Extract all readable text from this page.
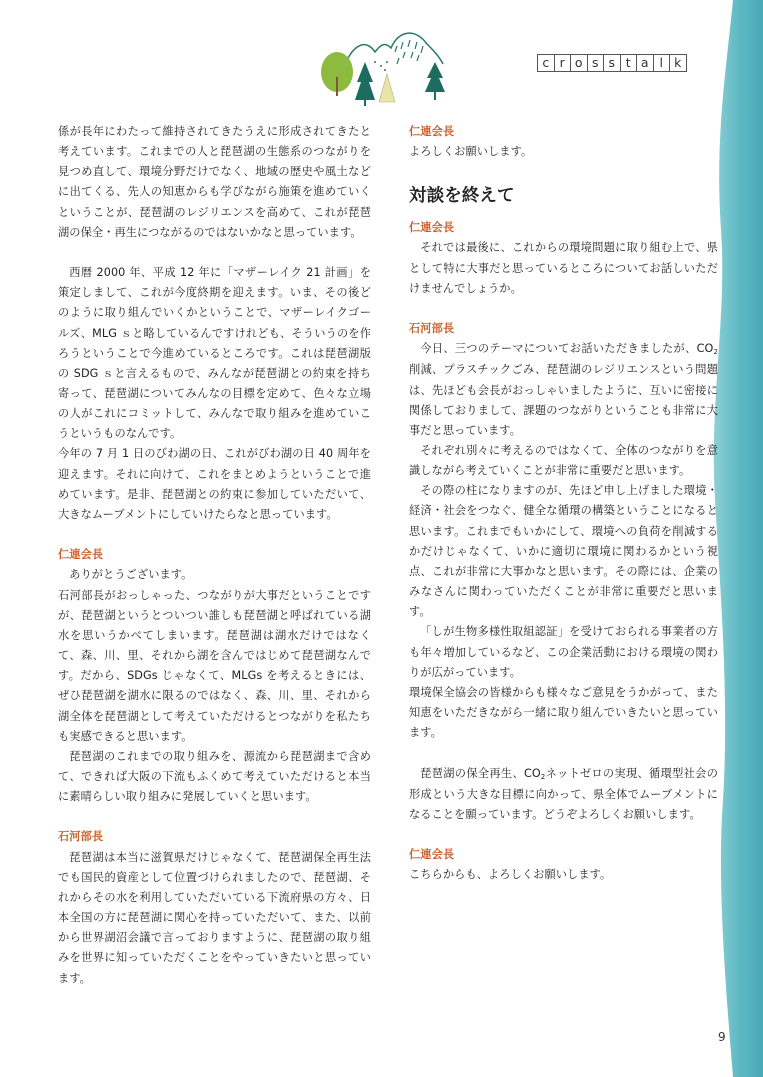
c r o s s t a l k

係が長年にわたって維持されてきたうえに形成されてきたと考えています。これまでの人と琵琶湖の生態系のつながりを見つめ直して、環境分野だけでなく、地域の歴史や風土などに出てくる、先人の知恵からも学びながら施策を進めていくということが、琵琶湖のレジリエンスを高めて、これが琵琶湖の保全・再生につながるのではないかなと思っています。

西暦 2000 年、平成 12 年に「マザーレイク 21 計画」を策定しまして、これが今度終期を迎えます。いま、その後どのように取り組んでいくかということで、マザーレイクゴールズ、MLG ｓと略しているんですけれども、そういうのを作ろうということで今進めているところです。これは琵琶湖版の SDG ｓと言えるもので、みんなが琵琶湖との約束を持ち寄って、琵琶湖についてみんなの目標を定めて、色々な立場の人がこれにコミットして、みんなで取り組みを進めていこうというものなんです。

今年の 7 月 1 日のびわ湖の日、これがびわ湖の日 40 周年を迎えます。それに向けて、これをまとめようということで進めています。是非、琵琶湖との約束に参加していただいて、大きなムーブメントにしていけたらなと思っています。

仁連会長

ありがとうございます。

石河部長がおっしゃった、つながりが大事だということですが、琵琶湖というとついつい誰しも琵琶湖と呼ばれている湖水を思いうかべてしまいます。琵琶湖は湖水だけではなくて、森、川、里、それから湖を含んではじめて琵琶湖なんです。だから、SDGs じゃなくて、MLGs を考えるときには、ぜひ琵琶湖を湖水に限るのではなく、森、川、里、それから湖全体を琵琶湖として考えていただけるとつながりを私たちも実感できると思います。

琵琶湖のこれまでの取り組みを、源流から琵琶湖まで含めて、できれば大阪の下流もふくめて考えていただけると本当に素晴らしい取り組みに発展していくと思います。

石河部長

琵琶湖は本当に滋賀県だけじゃなくて、琵琶湖保全再生法でも国民的資産として位置づけられましたので、琵琶湖、それからその水を利用していただいている下流府県の方々、日本全国の方に琵琶湖に関心を持っていただいて、また、以前から世界湖沼会議で言っておりますように、琵琶湖の取り組みを世界に知っていただくことをやっていきたいと思っています。

仁連会長

よろしくお願いします。

対談を終えて

仁連会長

それでは最後に、これからの環境問題に取り組む上で、県として特に大事だと思っているところについてお話しいただけませんでしょうか。

石河部長

今日、三つのテーマについてお話いただきましたが、$CO_2$削減、プラスチックごみ、琵琶湖のレジリエンスという問題は、先ほども会長がおっしゃいましたように、互いに密接に関係しておりまして、課題のつながりということも非常に大事だと思っています。

それぞれ別々に考えるのではなくて、全体のつながりを意識しながら考えていくことが非常に重要だと思います。

その際の柱になりますのが、先ほど申し上げました環境・経済・社会をつなぐ、健全な循環の構築ということになると思います。これまでもいかにして、環境への負荷を削減するかだけじゃなくて、いかに適切に環境に関わるかという視点、これが非常に大事かなと思います。その際には、企業のみなさんに関わっていただくことが非常に重要だと思います。

「しが生物多様性取組認証」を受けておられる事業者の方も年々増加しているなど、この企業活動における環境の関わりが広がっています。

環境保全協会の皆様からも様々なご意見をうかがって、また知恵をいただきながら一緒に取り組んでいきたいと思っています。

琵琶湖の保全再生、$CO_2$ネットゼロの実現、循環型社会の形成という大きな目標に向かって、県全体でムーブメントになることを願っています。どうぞよろしくお願いします。

仁連会長

こちらからも、よろしくお願いします。

9
